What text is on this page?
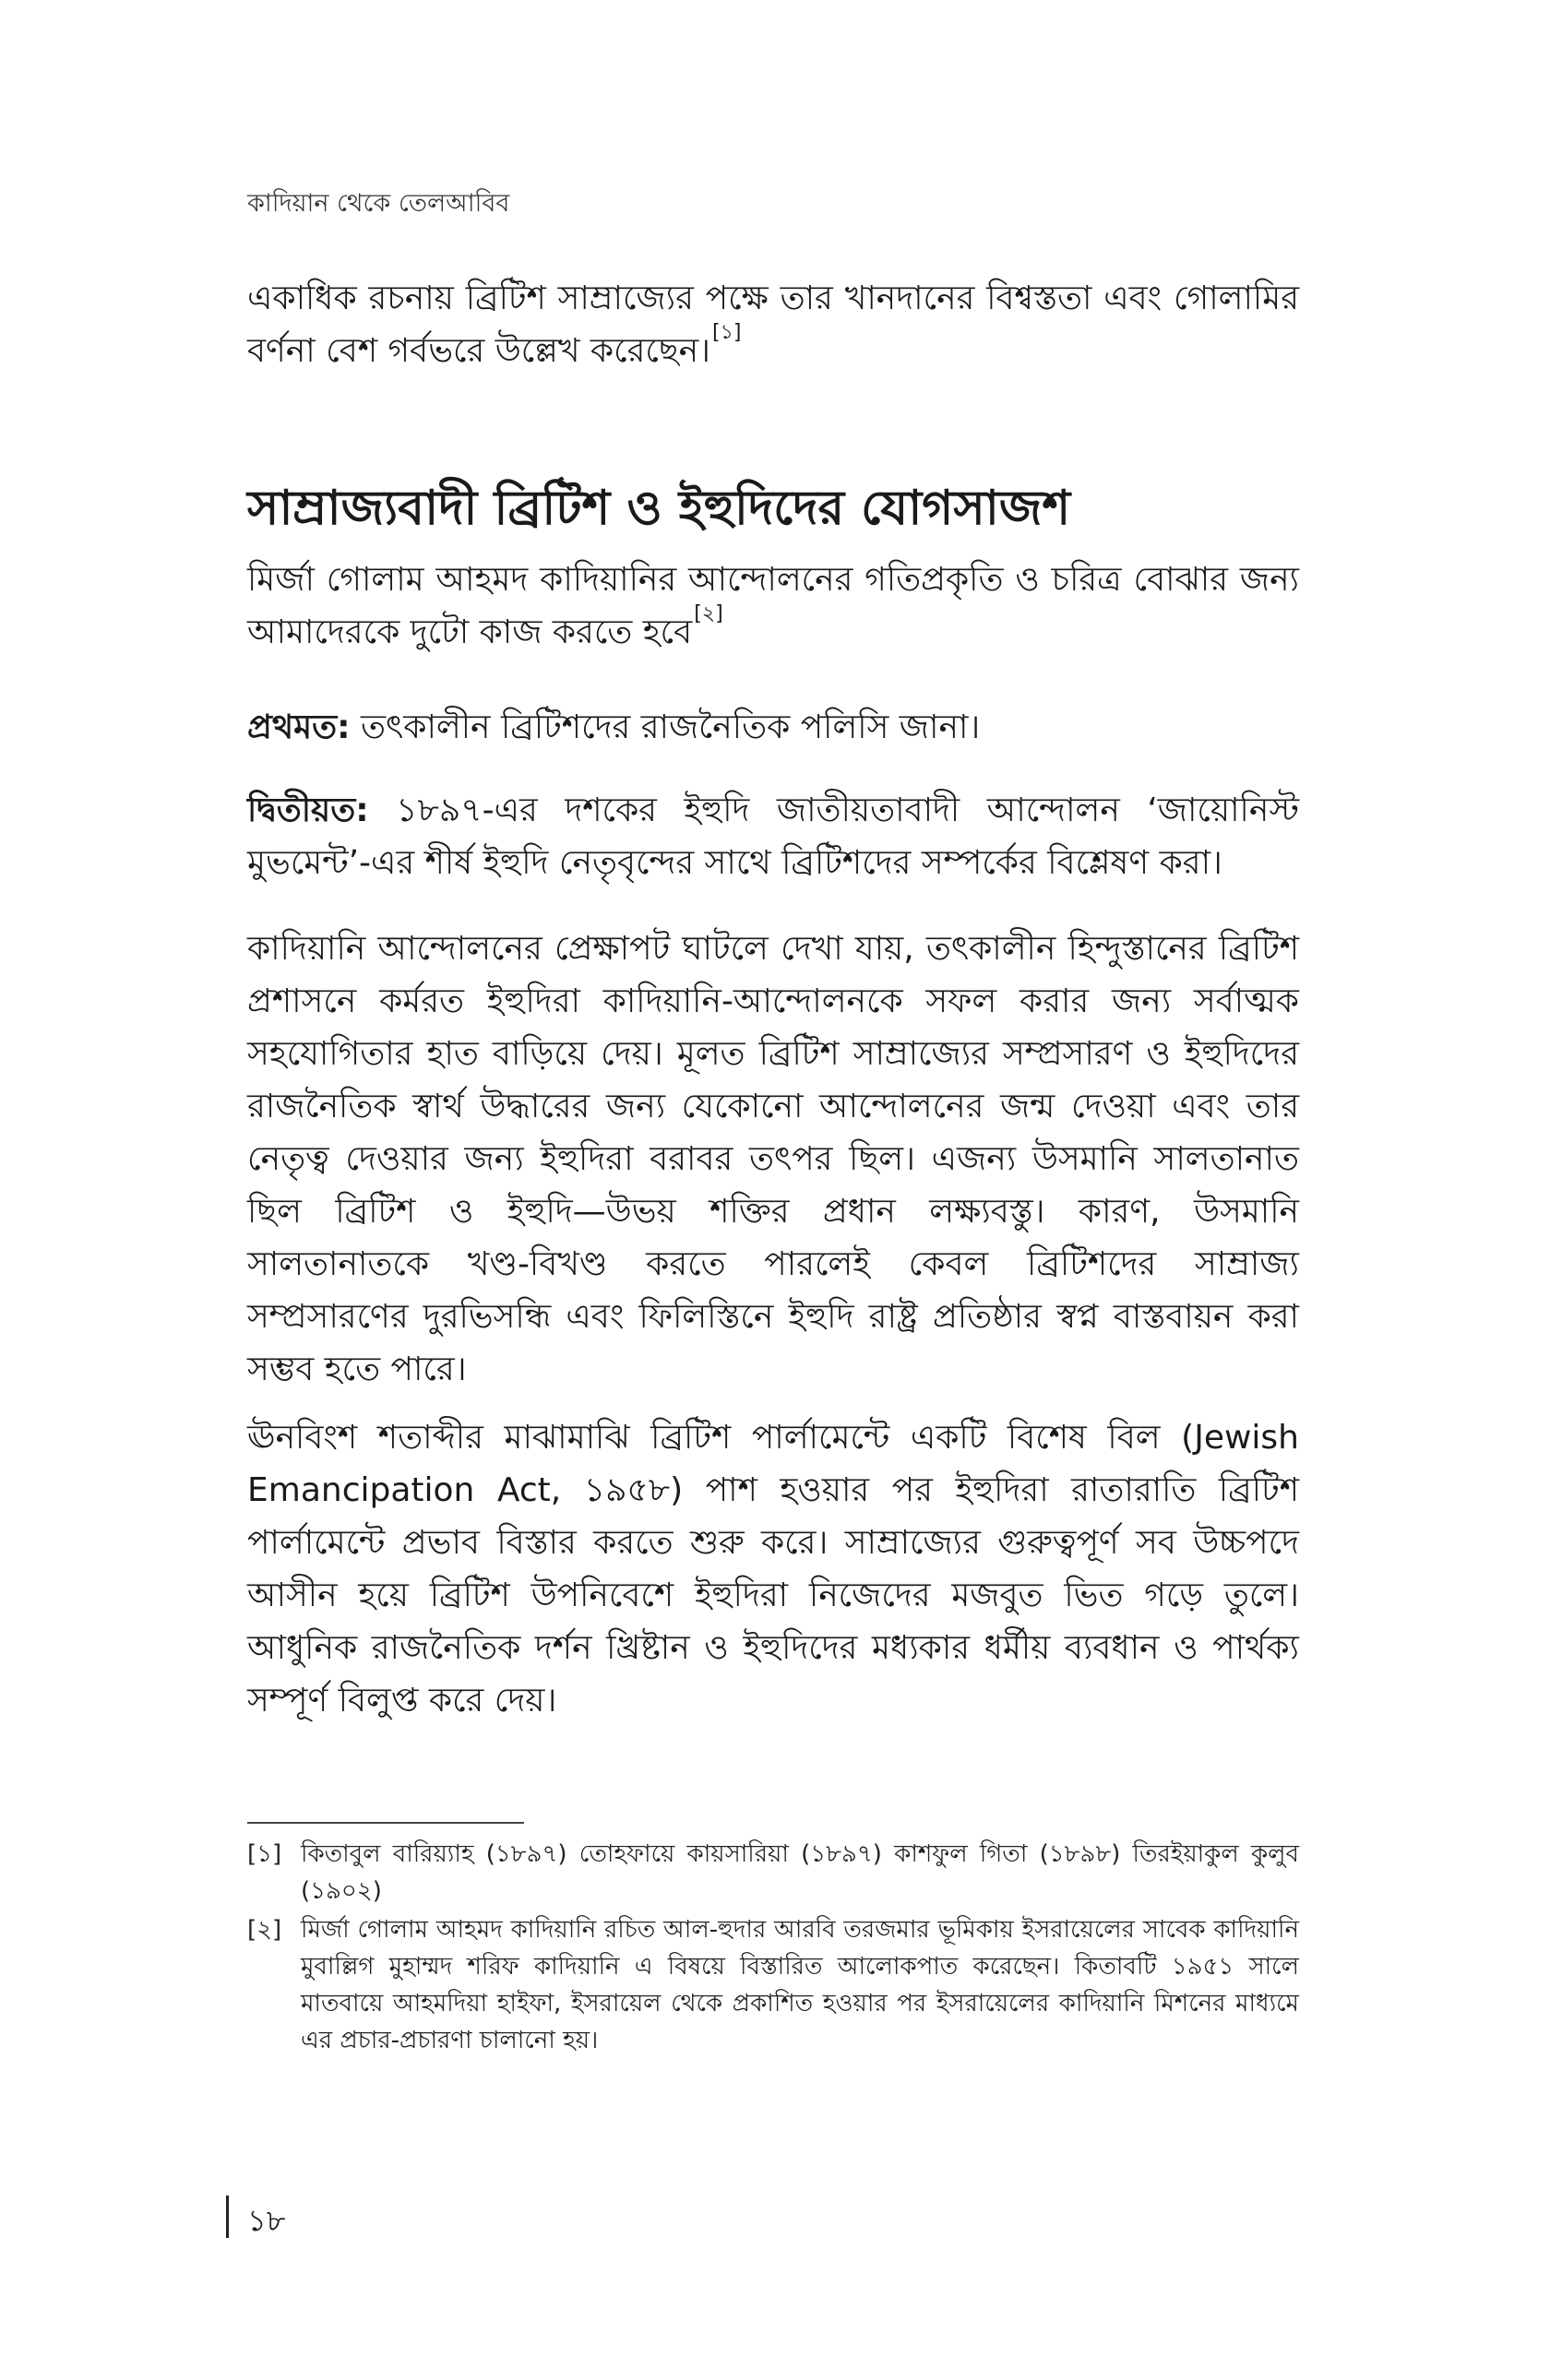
কাদিয়ান থেকে তেলআবিব

একাধিক রচনায় ব্রিটিশ সাম্রাজ্যের পক্ষে তার খানদানের বিশ্বস্ততা এবং গোলামির বর্ণনা বেশ গর্বভরে উল্লেখ করেছেন।[১]

সাম্রাজ্যবাদী ব্রিটিশ ও ইহুদিদের যোগসাজশ

মির্জা গোলাম আহমদ কাদিয়ানির আন্দোলনের গতিপ্রকৃতি ও চরিত্র বোঝার জন্য আমাদেরকে দুটো কাজ করতে হবে[২]

প্রথমত: তৎকালীন ব্রিটিশদের রাজনৈতিক পলিসি জানা।

দ্বিতীয়ত: ১৮৯৭-এর দশকের ইহুদি জাতীয়তাবাদী আন্দোলন ‘জায়োনিস্ট মুভমেন্ট’-এর শীর্ষ ইহুদি নেতৃবৃন্দের সাথে ব্রিটিশদের সম্পর্কের বিশ্লেষণ করা।

কাদিয়ানি আন্দোলনের প্রেক্ষাপট ঘাটলে দেখা যায়, তৎকালীন হিন্দুস্তানের ব্রিটিশ প্রশাসনে কর্মরত ইহুদিরা কাদিয়ানি-আন্দোলনকে সফল করার জন্য সর্বাত্মক সহযোগিতার হাত বাড়িয়ে দেয়। মূলত ব্রিটিশ সাম্রাজ্যের সম্প্রসারণ ও ইহুদিদের রাজনৈতিক স্বার্থ উদ্ধারের জন্য যেকোনো আন্দোলনের জন্ম দেওয়া এবং তার নেতৃত্ব দেওয়ার জন্য ইহুদিরা বরাবর তৎপর ছিল। এজন্য উসমানি সালতানাত ছিল ব্রিটিশ ও ইহুদি—উভয় শক্তির প্রধান লক্ষ্যবস্তু। কারণ, উসমানি সালতানাতকে খণ্ড-বিখণ্ড করতে পারলেই কেবল ব্রিটিশদের সাম্রাজ্য সম্প্রসারণের দুরভিসন্ধি এবং ফিলিস্তিনে ইহুদি রাষ্ট্র প্রতিষ্ঠার স্বপ্ন বাস্তবায়ন করা সম্ভব হতে পারে।

ঊনবিংশ শতাব্দীর মাঝামাঝি ব্রিটিশ পার্লামেন্টে একটি বিশেষ বিল (Jewish Emancipation Act, ১৯৫৮) পাশ হওয়ার পর ইহুদিরা রাতারাতি ব্রিটিশ পার্লামেন্টে প্রভাব বিস্তার করতে শুরু করে। সাম্রাজ্যের গুরুত্বপূর্ণ সব উচ্চপদে আসীন হয়ে ব্রিটিশ উপনিবেশে ইহুদিরা নিজেদের মজবুত ভিত গড়ে তুলে। আধুনিক রাজনৈতিক দর্শন খ্রিষ্টান ও ইহুদিদের মধ্যকার ধর্মীয় ব্যবধান ও পার্থক্য সম্পূর্ণ বিলুপ্ত করে দেয়।

[১] কিতাবুল বারিয়্যাহ (১৮৯৭) তোহফায়ে কায়সারিয়া (১৮৯৭) কাশফুল গিতা (১৮৯৮) তিরইয়াকুল কুলুব (১৯০২)
[২] মির্জা গোলাম আহমদ কাদিয়ানি রচিত আল-হুদার আরবি তরজমার ভূমিকায় ইসরায়েলের সাবেক কাদিয়ানি মুবাল্লিগ মুহাম্মদ শরিফ কাদিয়ানি এ বিষয়ে বিস্তারিত আলোকপাত করেছেন। কিতাবটি ১৯৫১ সালে মাতবায়ে আহমদিয়া হাইফা, ইসরায়েল থেকে প্রকাশিত হওয়ার পর ইসরায়েলের কাদিয়ানি মিশনের মাধ্যমে এর প্রচার-প্রচারণা চালানো হয়।
১৮
